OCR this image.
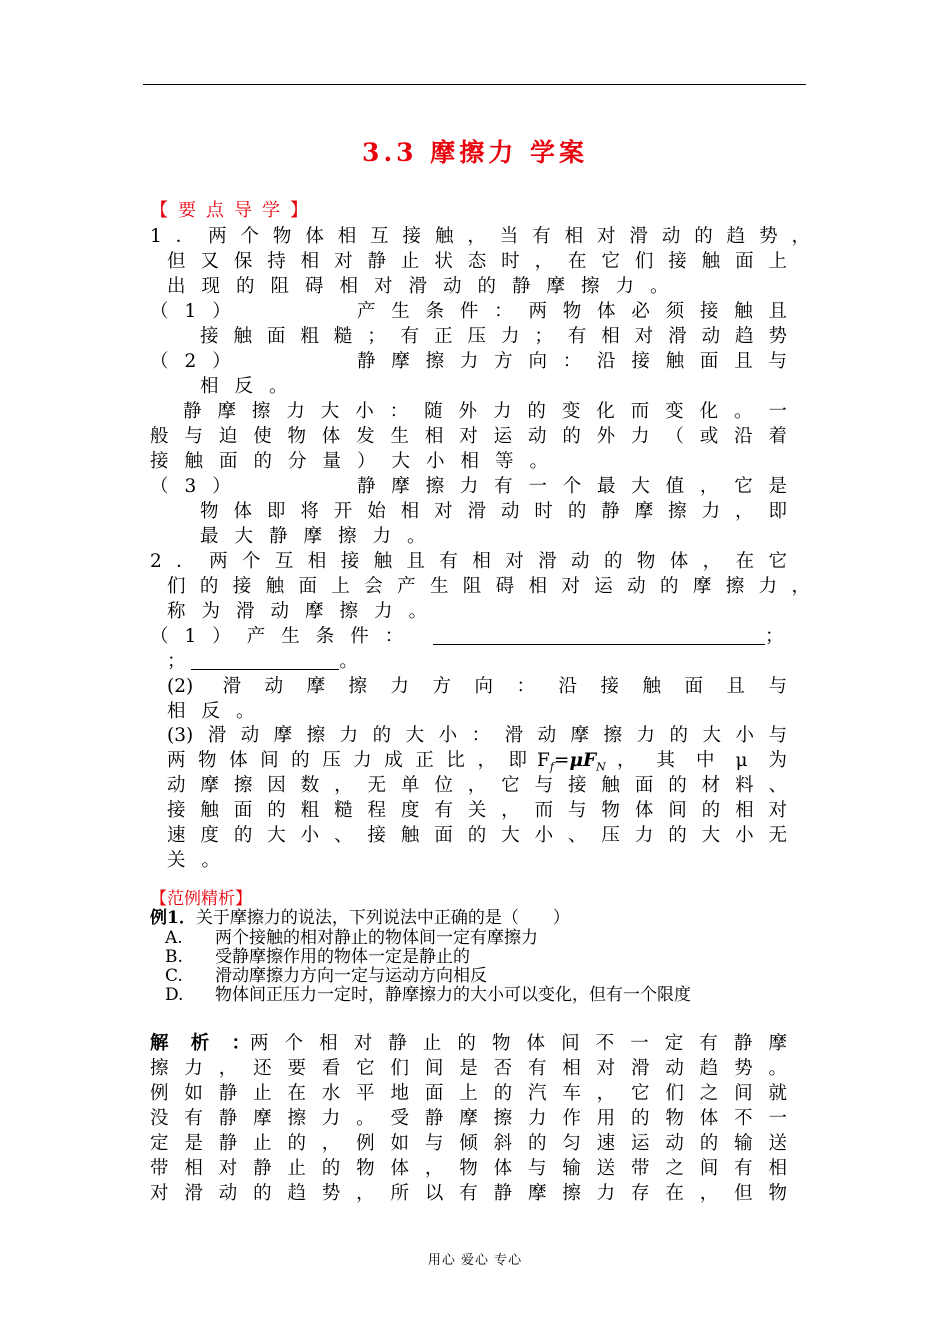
3.3 摩擦力 学案
【要点导学】
1．两个物体相互接触，当有相对滑动的趋势，
但又保持相对静止状态时，在它们接触面上
出现的阻碍相对滑动的静摩擦力。
（1）	产生条件：两物体必须接触且
接触面粗糙；有正压力；有相对滑动趋势
（2）	静摩擦力方向：沿接触面且与
相反。
静摩擦力大小：随外力的变化而变化。一
般与迫使物体发生相对运动的外力（或沿着
接触面的分量）大小相等。
（3）	静摩擦力有一个最大值，它是
物体即将开始相对滑动时的静摩擦力，即
最大静摩擦力。
2．两个互相接触且有相对滑动的物体，在它
们的接触面上会产生阻碍相对运动的摩擦力，
称为滑动摩擦力。
（1）产生条件：	；
；	。
(2) 滑动摩擦力方向：沿接触面且与
相反。
(3)滑动摩擦力的大小：滑动摩擦力的大小与
两物体间的压力成正比，即 $F_f=\mu F_N$ ，其中μ为
动摩擦因数，无单位，它与接触面的材料、
接触面的粗糙程度有关，而与物体间的相对
速度的大小、接触面的大小、压力的大小无
关。
【范例精析】
例1．关于摩擦力的说法，下列说法中正确的是（　　）
A. 两个接触的相对静止的物体间一定有摩擦力
B. 受静摩擦作用的物体一定是静止的
C. 滑动摩擦力方向一定与运动方向相反
D. 物体间正压力一定时，静摩擦力的大小可以变化，但有一个限度
解析： 两个相对静止的物体间不一定有静摩
擦力，还要看它们间是否有相对滑动趋势。
例如静止在水平地面上的汽车，它们之间就
没有静摩擦力。受静摩擦力作用的物体不一
定是静止的，例如与倾斜的匀速运动的输送
带相对静止的物体，物体与输送带之间有相
对滑动的趋势，所以有静摩擦力存在，但物
用心 爱心 专心
